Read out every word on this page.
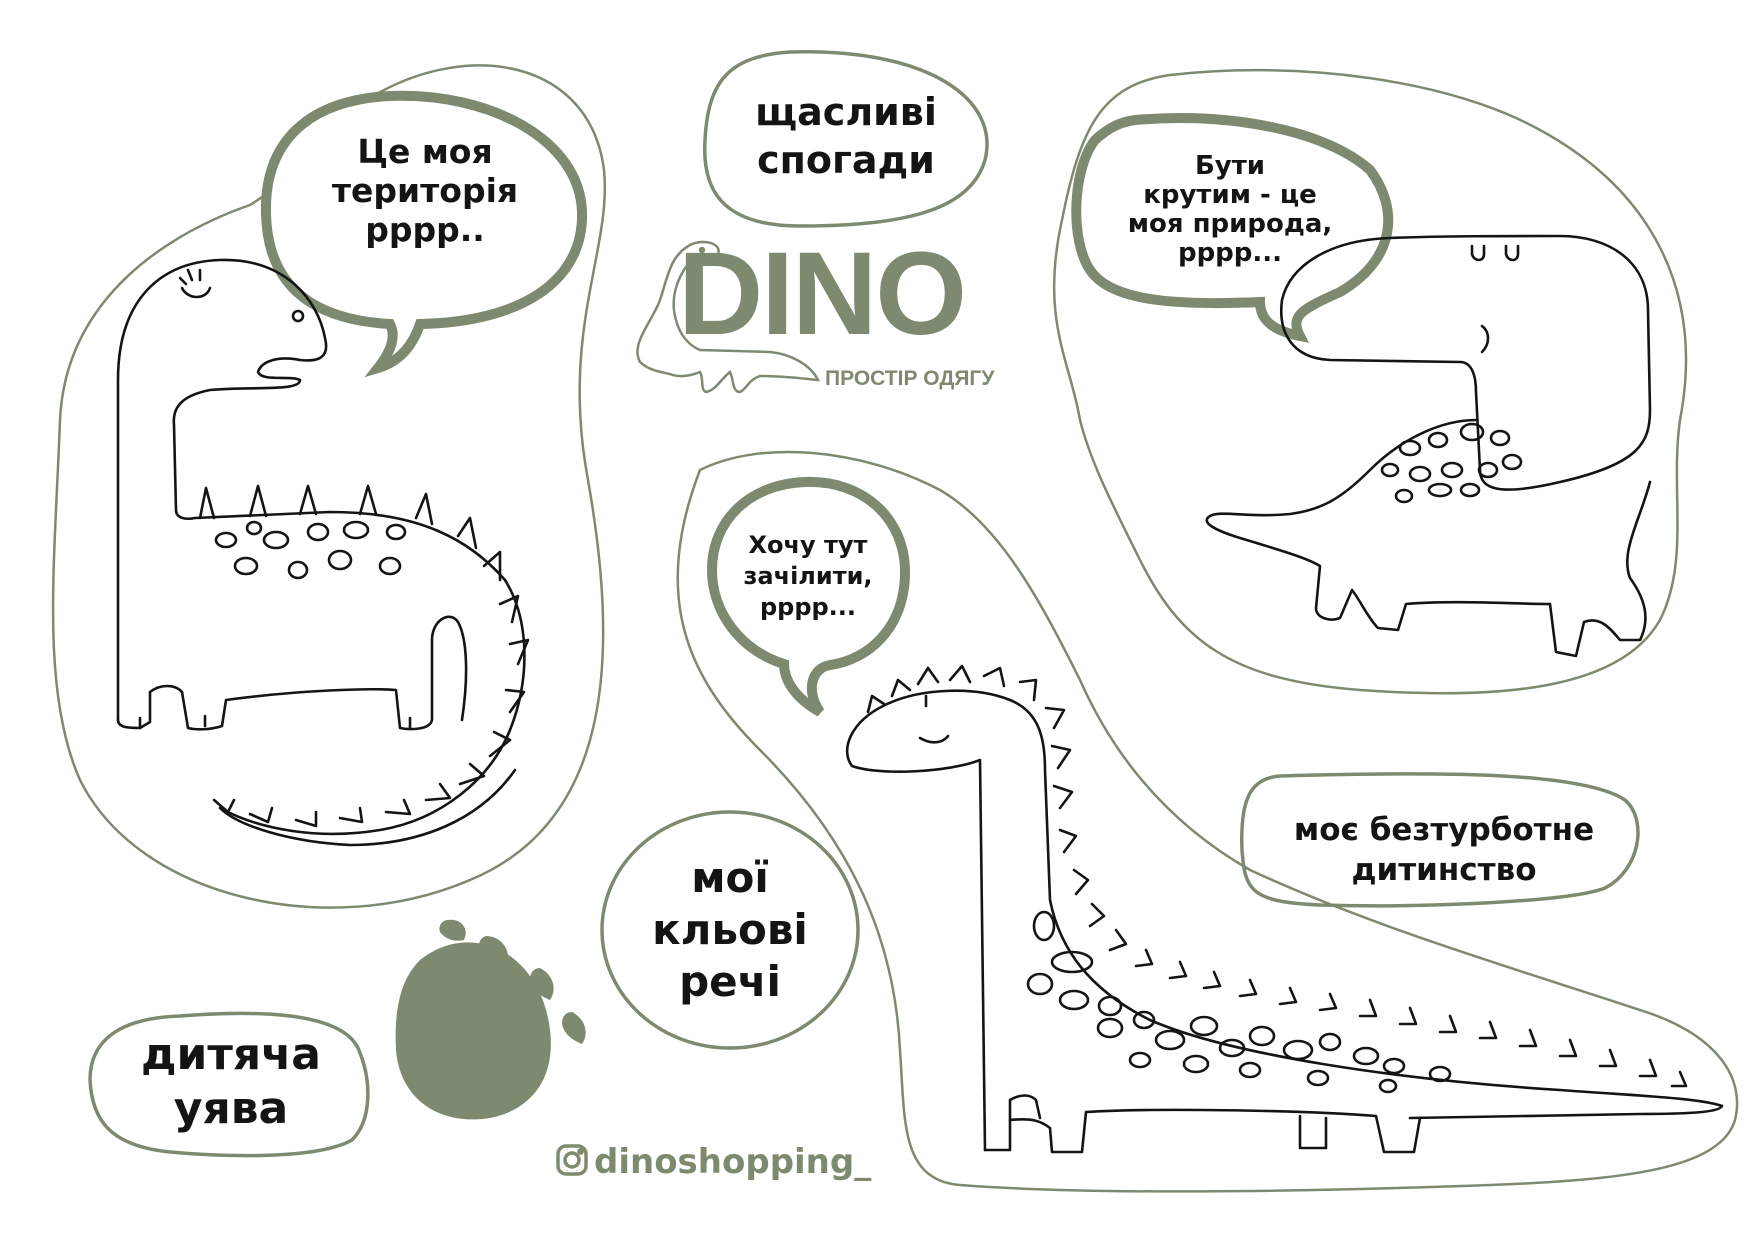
DINO
ПРОСТІР ОДЯГУ
dinoshopping_
Це моя
територія
рррр..
щасливі
спогади	Бути
крутим - це
моя природа,
рррр...
Хочу тут
зачілити,
рррр...
мої
кльові
речі
моє безтурботне
дитинство
дитяча
уява
